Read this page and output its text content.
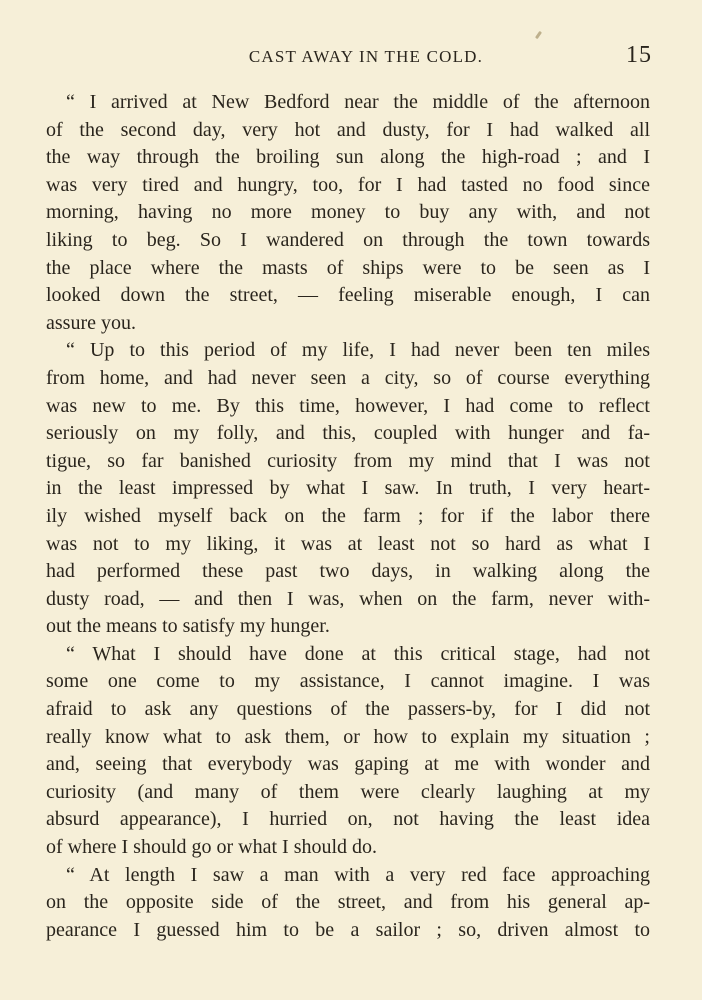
CAST AWAY IN THE COLD.	15
“ I arrived at New Bedford near the middle of the afternoon
of the second day, very hot and dusty, for I had walked all
the way through the broiling sun along the high-road ; and I
was very tired and hungry, too, for I had tasted no food since
morning, having no more money to buy any with, and not
liking to beg. So I wandered on through the town towards
the place where the masts of ships were to be seen as I
looked down the street, — feeling miserable enough, I can
assure you.
“ Up to this period of my life, I had never been ten miles
from home, and had never seen a city, so of course everything
was new to me. By this time, however, I had come to reflect
seriously on my folly, and this, coupled with hunger and fa-
tigue, so far banished curiosity from my mind that I was not
in the least impressed by what I saw. In truth, I very heart-
ily wished myself back on the farm ; for if the labor there
was not to my liking, it was at least not so hard as what I
had performed these past two days, in walking along the
dusty road, — and then I was, when on the farm, never with-
out the means to satisfy my hunger.
“ What I should have done at this critical stage, had not
some one come to my assistance, I cannot imagine. I was
afraid to ask any questions of the passers-by, for I did not
really know what to ask them, or how to explain my situation ;
and, seeing that everybody was gaping at me with wonder and
curiosity (and many of them were clearly laughing at my
absurd appearance), I hurried on, not having the least idea
of where I should go or what I should do.
“ At length I saw a man with a very red face approaching
on the opposite side of the street, and from his general ap-
pearance I guessed him to be a sailor ; so, driven almost to
